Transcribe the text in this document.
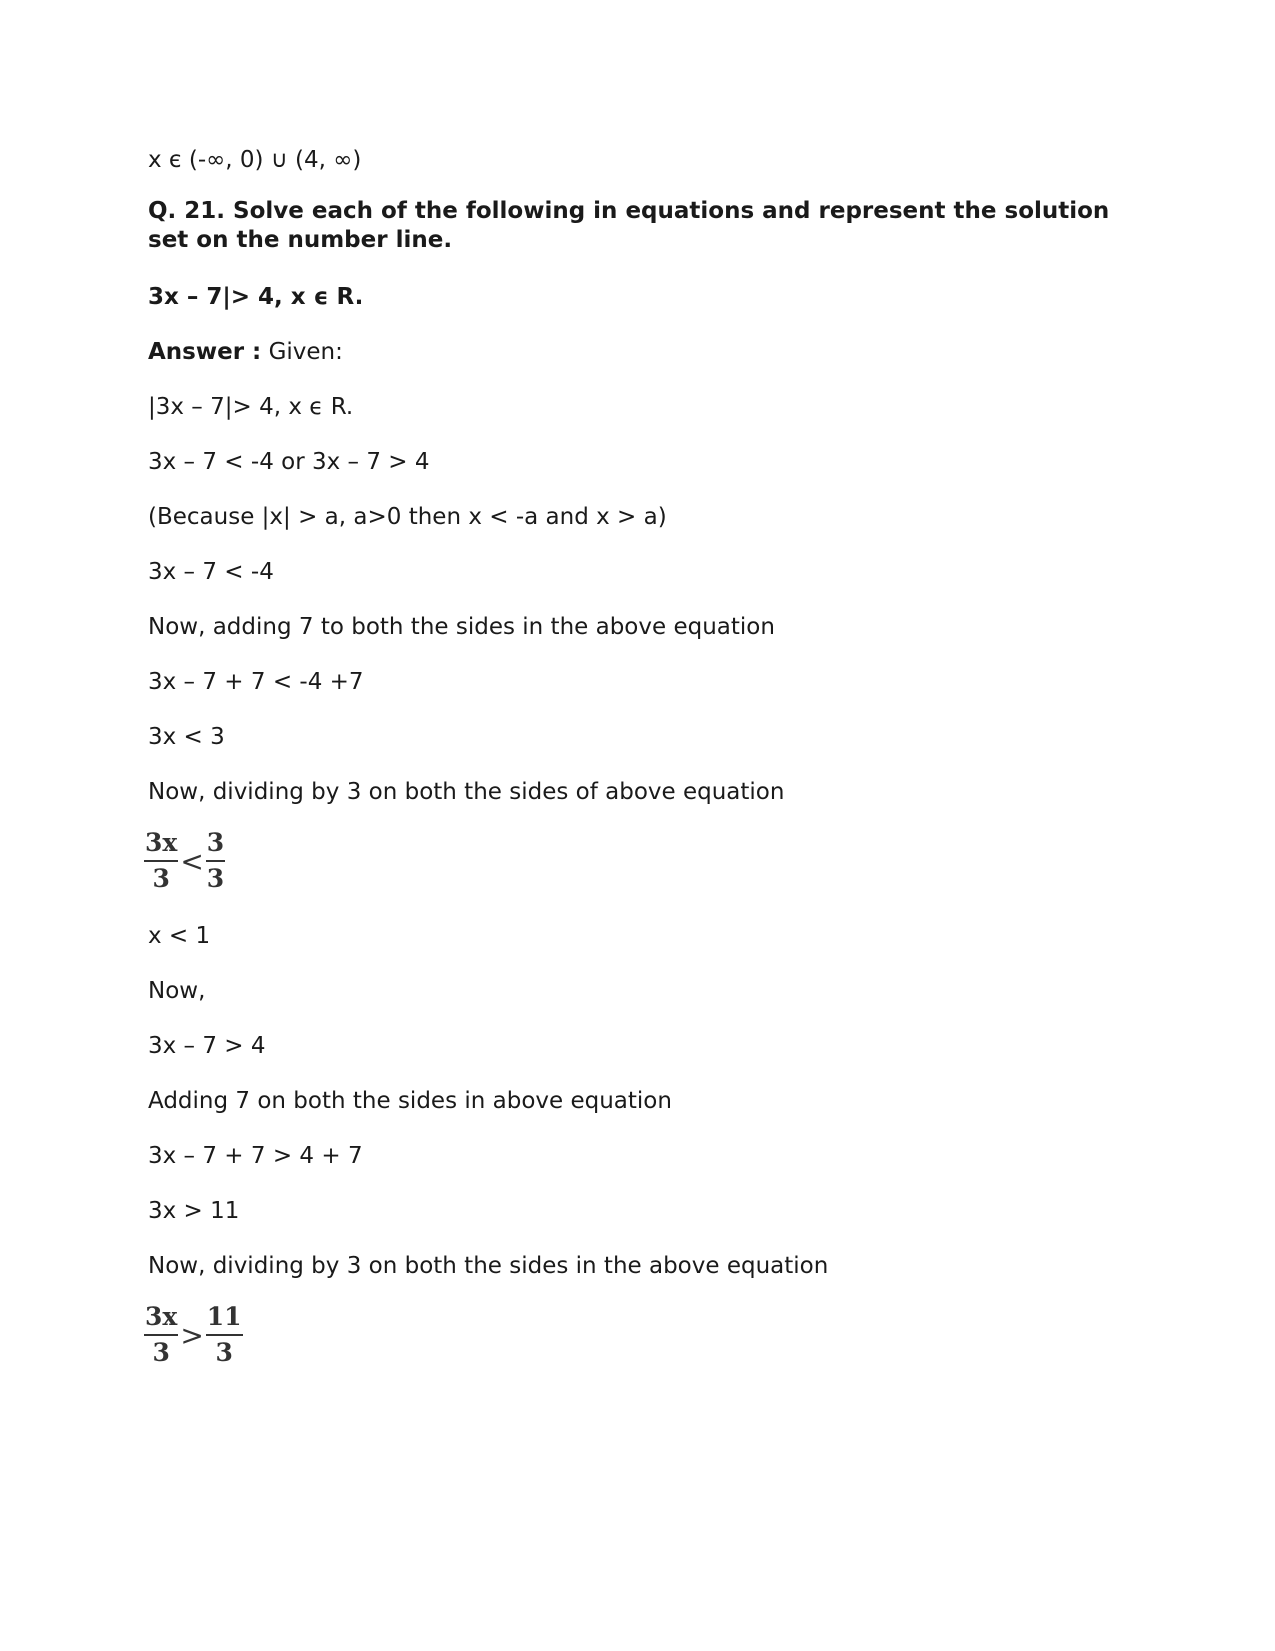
x є (-∞, 0) ∪ (4, ∞)
Q. 21. Solve each of the following in equations and represent the solution set on the number line.
3x – 7|> 4, x ϵ R.
Answer : Given:
|3x – 7|> 4, x ϵ R.
3x – 7 < -4 or 3x – 7 > 4
(Because |x| > a, a>0 then x < -a and x > a)
3x – 7 < -4
Now, adding 7 to both the sides in the above equation
3x – 7 + 7 < -4 +7
3x < 3
Now, dividing by 3 on both the sides of above equation
$\frac{3x}{3} < \frac{3}{3}$
x < 1
Now,
3x – 7 > 4
Adding 7 on both the sides in above equation
3x – 7 + 7 > 4 + 7
3x > 11
Now, dividing by 3 on both the sides in the above equation
$\frac{3x}{3} > \frac{11}{3}$
